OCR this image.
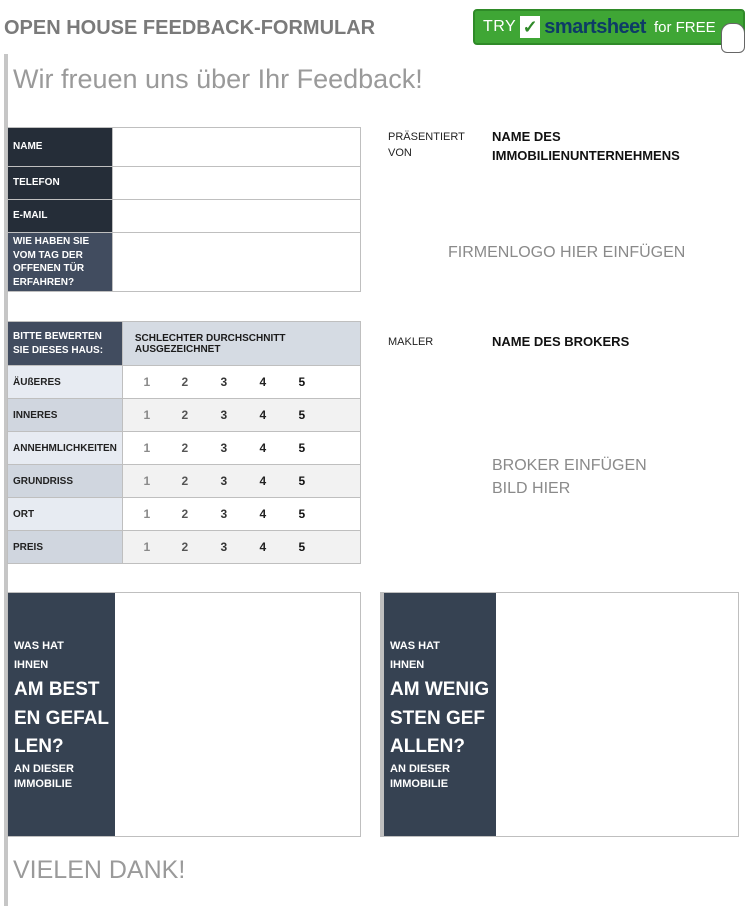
OPEN HOUSE FEEDBACK-FORMULAR	TRY ✓ smartsheet for FREE
Wir freuen uns über Ihr Feedback!
NAME	
TELEFON	
E-MAIL	
WIE HABEN SIE VOM TAG DER OFFENEN TÜR ERFAHREN?	
PRÄSENTIERT VON
NAME DES IMMOBILIENUNTERNEHMENS
FIRMENLOGO HIER EINFÜGEN
BITTE BEWERTEN SIE DIESES HAUS:	SCHLECHTER DURCHSCHNITT AUSGEZEICHNET
ÄUßERES	1 2 3 4 5

INNERES	1 2 3 4 5

ANNEHMLICHKEITEN	1 2 3 4 5

GRUNDRISS	1 2 3 4 5

ORT	1 2 3 4 5

PREIS	1 2 3 4 5
MAKLER	NAME DES BROKERS
BROKER EINFÜGEN
BILD HIER
WAS HAT
IHNEN
AM BESTEN GEFALLEN?
AN DIESER IMMOBILIE
WAS HAT
IHNEN
AM WENIGSTEN GEFALLEN?
AN DIESER IMMOBILIE
VIELEN DANK!
